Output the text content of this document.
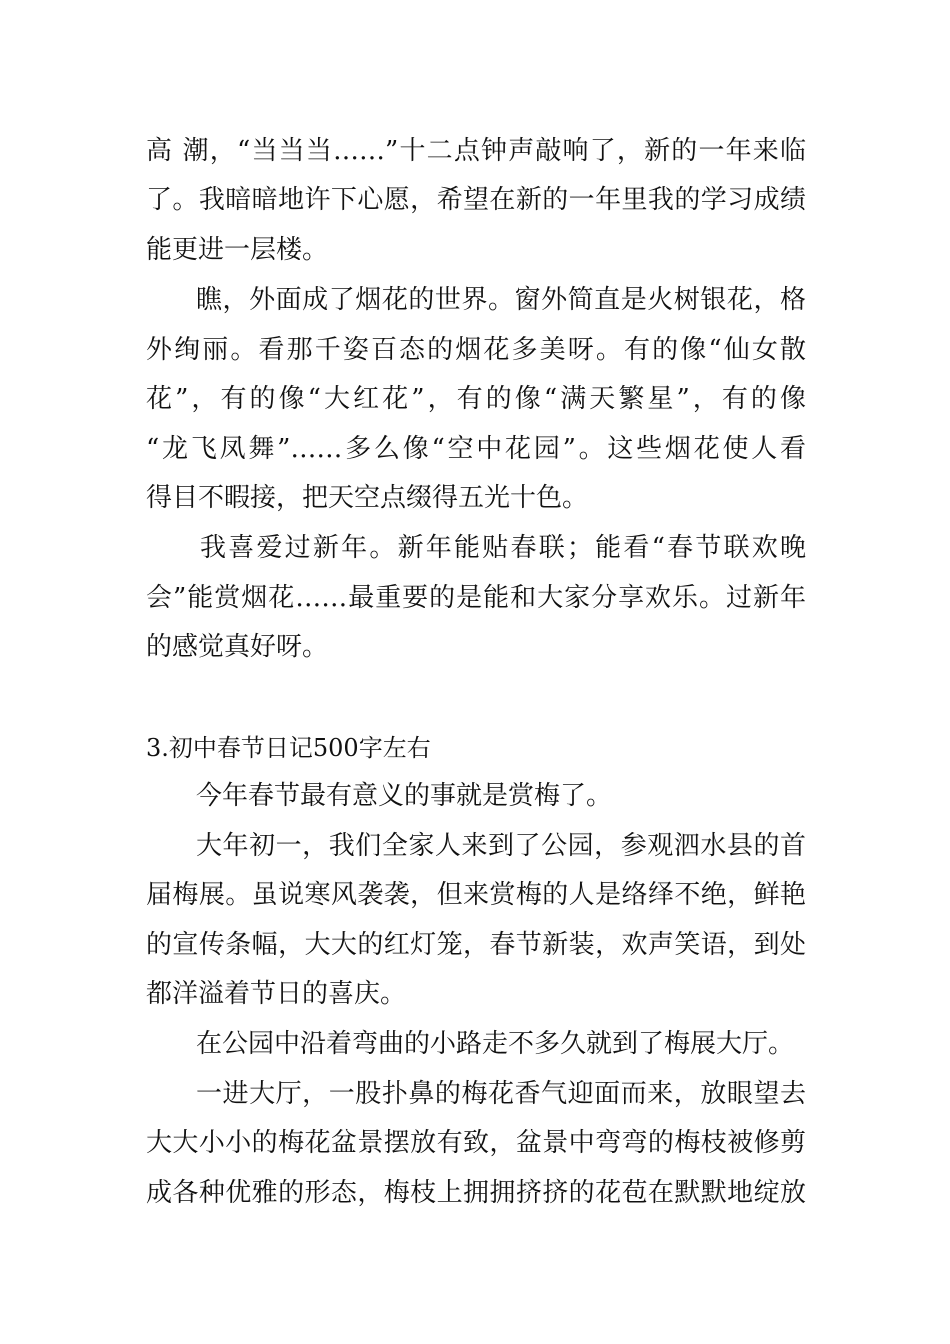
高 潮，“当当当……”十二点钟声敲响了，新的一年来临
了。我暗暗地许下心愿，希望在新的一年里我的学习成绩
能更进一层楼。
瞧，外面成了烟花的世界。窗外简直是火树银花，格
外绚丽。看那千姿百态的烟花多美呀。有的像“仙女散
花”，有的像“大红花”，有的像“满天繁星”，有的像
“龙飞凤舞”……多么像“空中花园”。这些烟花使人看
得目不暇接，把天空点缀得五光十色。
我喜爱过新年。新年能贴春联；能看“春节联欢晚
会”能赏烟花……最重要的是能和大家分享欢乐。过新年
的感觉真好呀。
3.初中春节日记500字左右
今年春节最有意义的事就是赏梅了。
大年初一，我们全家人来到了公园，参观泗水县的首
届梅展。虽说寒风袭袭，但来赏梅的人是络绎不绝，鲜艳
的宣传条幅，大大的红灯笼，春节新装，欢声笑语，到处
都洋溢着节日的喜庆。
在公园中沿着弯曲的小路走不多久就到了梅展大厅。
一进大厅，一股扑鼻的梅花香气迎面而来，放眼望去
大大小小的梅花盆景摆放有致，盆景中弯弯的梅枝被修剪
成各种优雅的形态，梅枝上拥拥挤挤的花苞在默默地绽放
